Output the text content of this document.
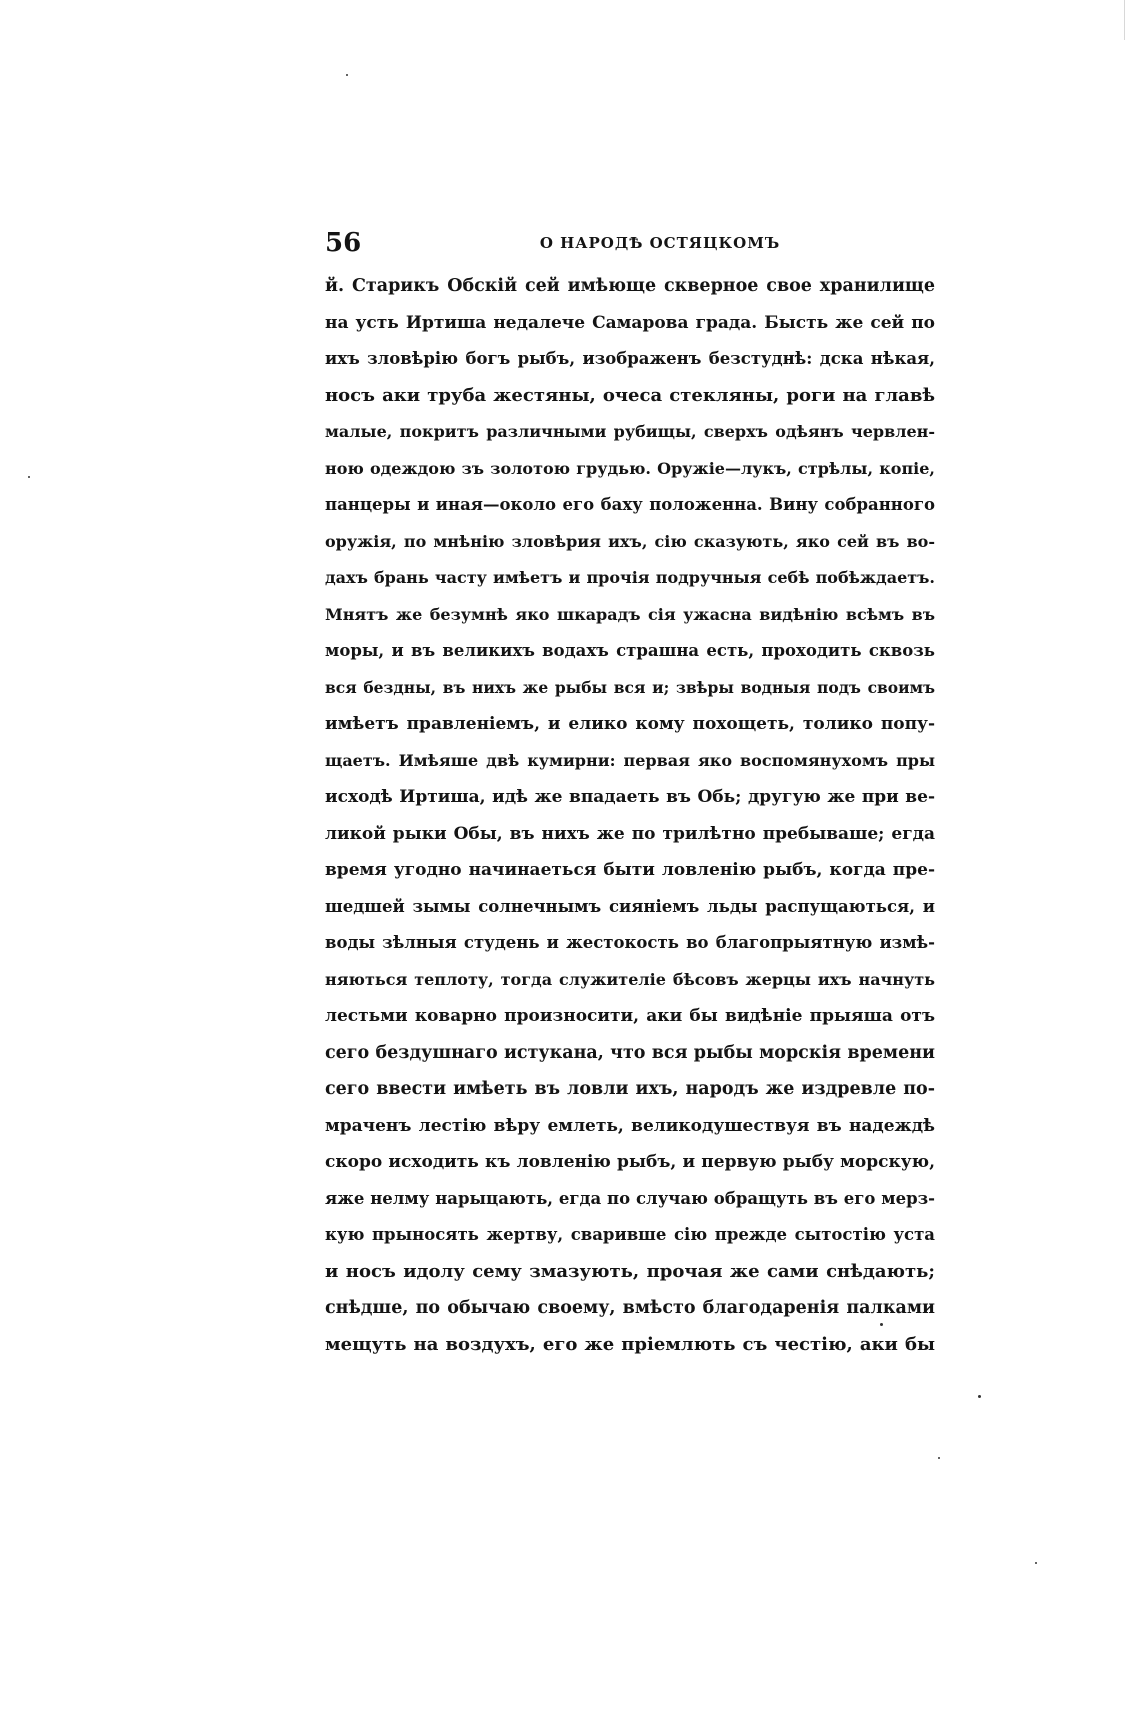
56	О НАРОДѢ ОСТЯЦКОМЪ
й. Старикъ Обскій сей имѣюще скверное свое хранилище
на усть Иртиша недалече Самарова града. Бысть же сей по
ихъ зловѣрію богъ рыбъ, изображенъ безстуднѣ: дска нѣкая,
носъ аки труба жестяны, очеса стекляны, роги на главѣ
малые, покритъ различными рубищы, сверхъ одѣянъ червлен-
ною одеждою зъ золотою грудью. Оружіе—лукъ, стрѣлы, копіе,
панцеры и иная—около его баху положенна. Вину собранного
оружія, по мнѣнію зловѣрия ихъ, сію сказують, яко сей въ во-
дахъ брань часту имѣетъ и прочія подручныя себѣ побѣждаетъ.
Мнятъ же безумнѣ яко шкарадъ сія ужасна видѣнію всѣмъ въ
моры, и въ великихъ водахъ страшна есть, проходить сквозь
вся бездны, въ нихъ же рыбы вся и; звѣры водныя подъ своимъ
имѣетъ правленіемъ, и елико кому похощеть, толико попу-
щаетъ. Имѣяше двѣ кумирни: первая яко воспомянухомъ пры
исходѣ Иртиша, идѣ же впадаеть въ Обь; другую же при ве-
ликой рыки Обы, въ нихъ же по трилѣтно пребываше; егда
время угодно начинаеться быти ловленію рыбъ, когда пре-
шедшей зымы солнечнымъ сияніемъ льды распущаються, и
воды зѣлныя студень и жестокость во благопрыятную измѣ-
няються теплоту, тогда служителіе бѣсовъ жерцы ихъ начнуть
лестьми коварно произносити, аки бы видѣніе прыяша отъ
сего бездушнаго истукана, что вся рыбы морскія времени
сего ввести имѣеть въ ловли ихъ, народъ же издревле по-
мраченъ лестію вѣру емлеть, великодушествуя въ надеждѣ
скоро исходить къ ловленію рыбъ, и первую рыбу морскую,
яже нелму нарыцають, егда по случаю обращуть въ его мерз-
кую прыносять жертву, сварившe сію прежде сытостію уста
и носъ идолу сему змазують, прочая же сами снѣдають;
снѣдше, по обычаю своему, вмѣсто благодаренія палками
мещуть на воздухъ, его же пріемлють съ честію, аки бы
